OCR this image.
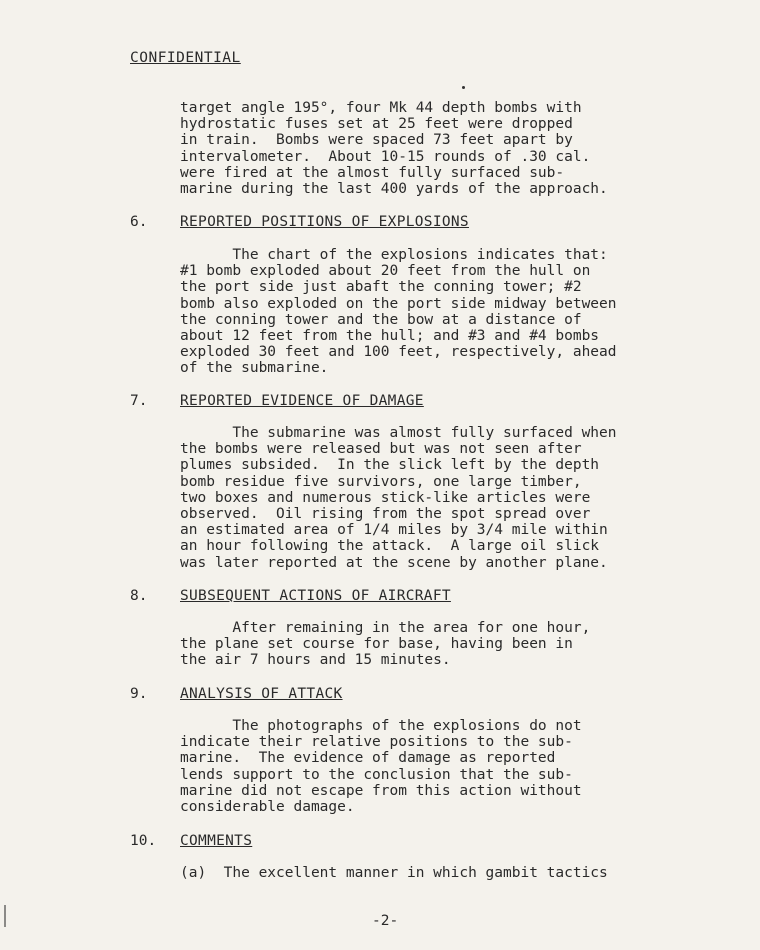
CONFIDENTIAL
target angle 195°, four Mk 44 depth bombs with
hydrostatic fuses set at 25 feet were dropped
in train.  Bombs were spaced 73 feet apart by
intervalometer.  About 10-15 rounds of .30 cal.
were fired at the almost fully surfaced sub-
marine during the last 400 yards of the approach.
6. REPORTED POSITIONS OF EXPLOSIONS
The chart of the explosions indicates that:
#1 bomb exploded about 20 feet from the hull on
the port side just abaft the conning tower; #2
bomb also exploded on the port side midway between
the conning tower and the bow at a distance of
about 12 feet from the hull; and #3 and #4 bombs
exploded 30 feet and 100 feet, respectively, ahead
of the submarine.
7. REPORTED EVIDENCE OF DAMAGE
The submarine was almost fully surfaced when
the bombs were released but was not seen after
plumes subsided.  In the slick left by the depth
bomb residue five survivors, one large timber,
two boxes and numerous stick-like articles were
observed.  Oil rising from the spot spread over
an estimated area of 1/4 miles by 3/4 mile within
an hour following the attack.  A large oil slick
was later reported at the scene by another plane.
8. SUBSEQUENT ACTIONS OF AIRCRAFT
After remaining in the area for one hour,
the plane set course for base, having been in
the air 7 hours and 15 minutes.
9. ANALYSIS OF ATTACK
The photographs of the explosions do not
indicate their relative positions to the sub-
marine.  The evidence of damage as reported
lends support to the conclusion that the sub-
marine did not escape from this action without
considerable damage.
10. COMMENTS
(a)  The excellent manner in which gambit tactics
-2-
